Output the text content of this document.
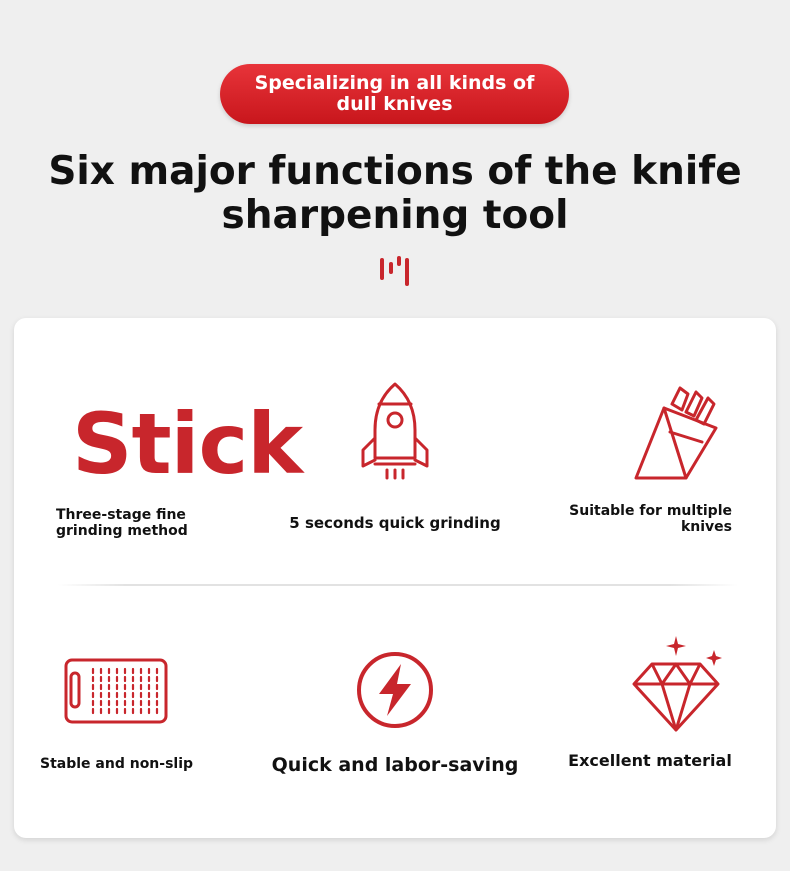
Specializing in all kinds of dull knives
Six major functions of the knife
sharpening tool
Stick
Three-stage fine grinding method	5 seconds quick grinding
Suitable for multiple knives
Stable and non-slip	Quick and labor-saving	Excellent material
